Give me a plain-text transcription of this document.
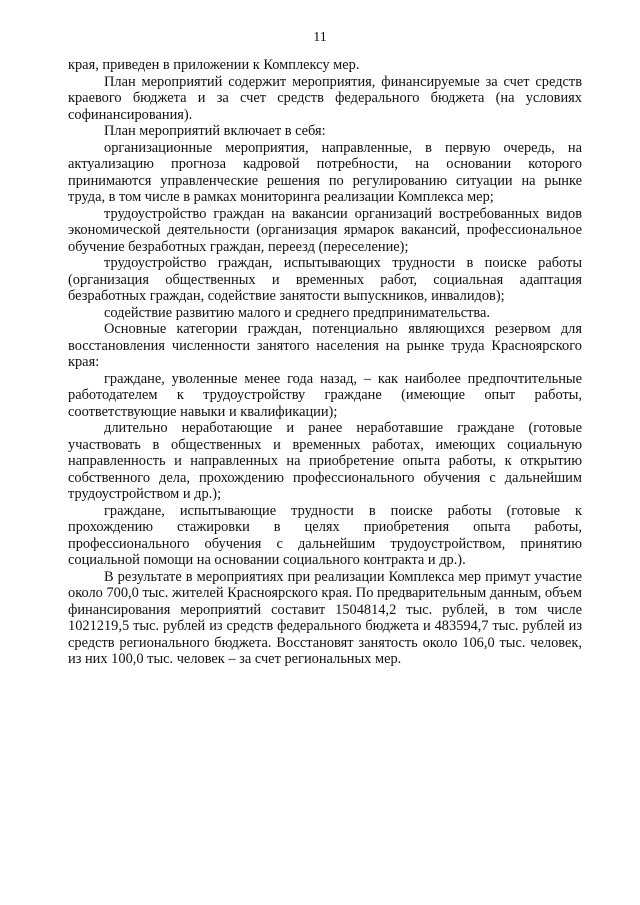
11

края, приведен в приложении к Комплексу мер.

План мероприятий содержит мероприятия, финансируемые за счет средств краевого бюджета и за счет средств федерального бюджета (на условиях софинансирования).

План мероприятий включает в себя:

организационные мероприятия, направленные, в первую очередь, на актуализацию прогноза кадровой потребности, на основании которого принимаются управленческие решения по регулированию ситуации на рынке труда, в том числе в рамках мониторинга реализации Комплекса мер;

трудоустройство граждан на вакансии организаций востребованных видов экономической деятельности (организация ярмарок вакансий, профессиональное обучение безработных граждан, переезд (переселение);

трудоустройство граждан, испытывающих трудности в поиске работы (организация общественных и временных работ, социальная адаптация безработных граждан, содействие занятости выпускников, инвалидов);

содействие развитию малого и среднего предпринимательства.

Основные категории граждан, потенциально являющихся резервом для восстановления численности занятого населения на рынке труда Красноярского края:

граждане, уволенные менее года назад, – как наиболее предпочтительные работодателем к трудоустройству граждане (имеющие опыт работы, соответствующие навыки и квалификации);

длительно неработающие и ранее неработавшие граждане (готовые участвовать в общественных и временных работах, имеющих социальную направленность и направленных на приобретение опыта работы, к открытию собственного дела, прохождению профессионального обучения с дальнейшим трудоустройством и др.);

граждане, испытывающие трудности в поиске работы (готовые к прохождению стажировки в целях приобретения опыта работы, профессионального обучения с дальнейшим трудоустройством, принятию социальной помощи на основании социального контракта и др.).

В результате в мероприятиях при реализации Комплекса мер примут участие около 700,0 тыс. жителей Красноярского края. По предварительным данным, объем финансирования мероприятий составит 1504814,2 тыс. рублей, в том числе 1021219,5 тыс. рублей из средств федерального бюджета и 483594,7 тыс. рублей из средств регионального бюджета. Восстановят занятость около 106,0 тыс. человек, из них 100,0 тыс. человек – за счет региональных мер.
